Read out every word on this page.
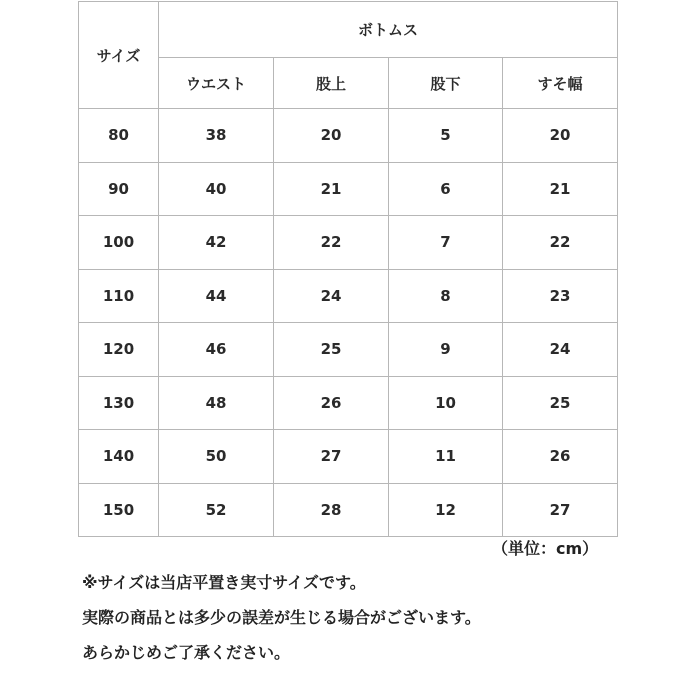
サイズ	ボトムス			
	ウエスト	股上	股下	すそ幅
80	38	20	5	20
90	40	21	6	21
100	42	22	7	22
110	44	24	8	23
120	46	25	9	24
130	48	26	10	25
140	50	27	11	26
150	52	28	12	27
（単位：cm）
※サイズは当店平置き実寸サイズです。
実際の商品とは多少の誤差が生じる場合がございます。
あらかじめご了承ください。
